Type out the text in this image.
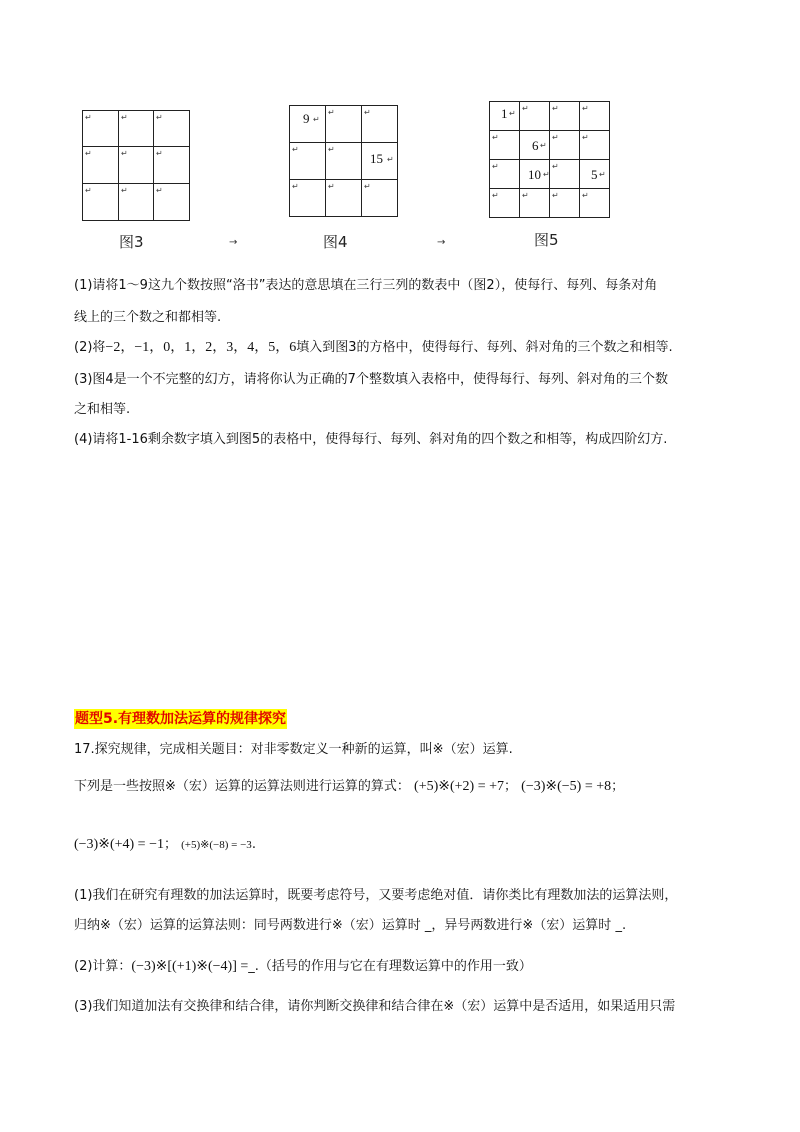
↵	↵	↵

↵	↵	↵

↵	↵	↵
图3	→
9 ↵	↵	↵

↵	↵	15 ↵

↵	↵	↵
图4	→
1 ↵	↵	↵	↵

↵	6 ↵	↵	↵

↵	10 ↵	↵	5 ↵

↵	↵	↵	↵
图5
(1)请将1～9这九个数按照“洛书”表达的意思填在三行三列的数表中（图2），使每行、每列、每条对角
线上的三个数之和都相等.
(2)将−2，−1，0，1，2，3，4，5，6填入到图3的方格中，使得每行、每列、斜对角的三个数之和相等.
(3)图4是一个不完整的幻方，请将你认为正确的7个整数填入表格中，使得每行、每列、斜对角的三个数
之和相等.
(4)请将1-16剩余数字填入到图5的表格中，使得每行、每列、斜对角的四个数之和相等，构成四阶幻方.
题型5.有理数加法运算的规律探究
17.探究规律，完成相关题目：对非零数定义一种新的运算，叫※（宏）运算.
下列是一些按照※（宏）运算的运算法则进行运算的算式： (+5)※(+2) = +7； (−3)※(−5) = +8；
(−3)※(+4) = −1； (+5)※(−8) = −3.
(1)我们在研究有理数的加法运算时，既要考虑符号，又要考虑绝对值．请你类比有理数加法的运算法则，
归纳※（宏）运算的运算法则：同号两数进行※（宏）运算时 _，异号两数进行※（宏）运算时 _.
(2)计算：(−3)※[(+1)※(−4)] =_.（括号的作用与它在有理数运算中的作用一致）
(3)我们知道加法有交换律和结合律，请你判断交换律和结合律在※（宏）运算中是否适用，如果适用只需
